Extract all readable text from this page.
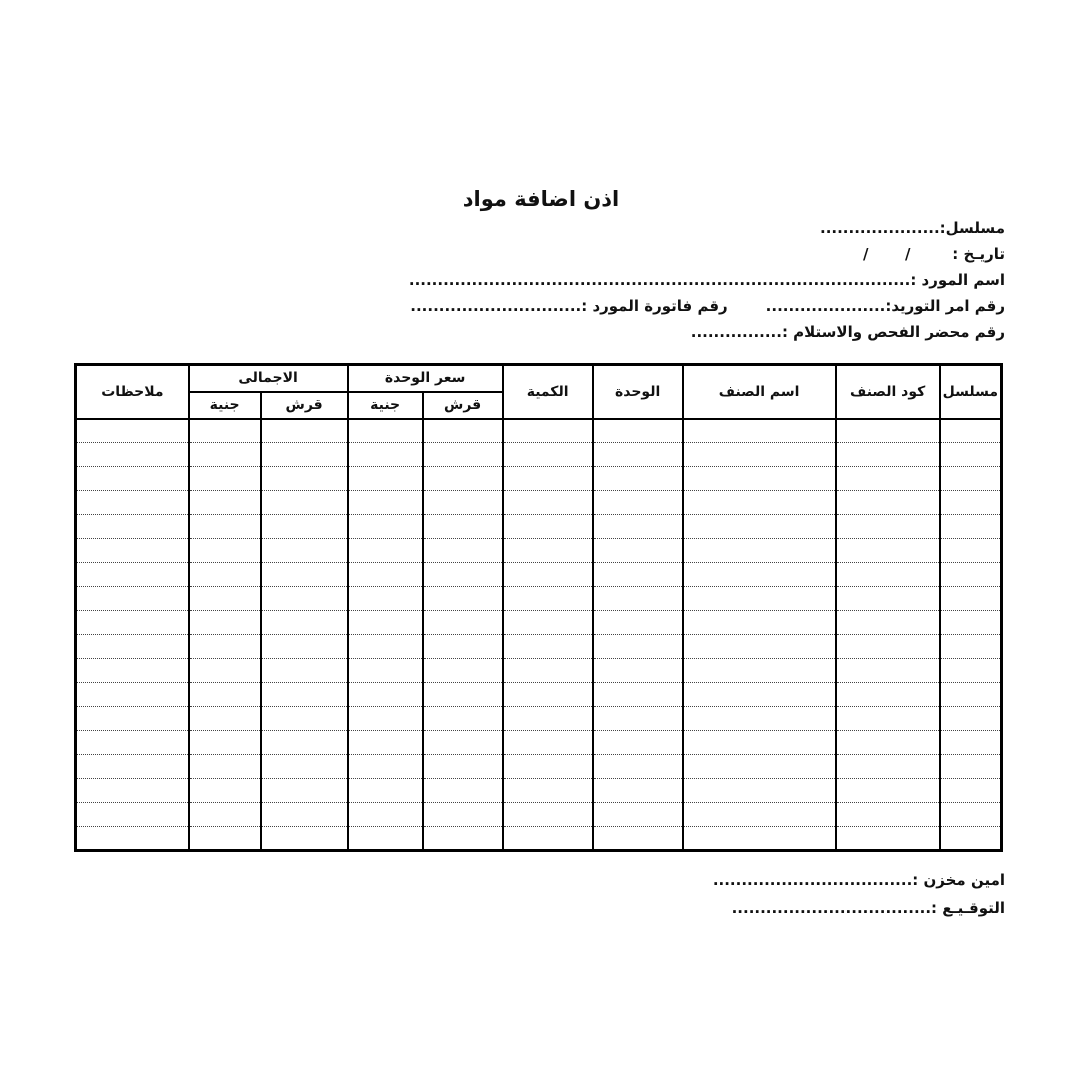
اذن اضافة مواد
مسلسل:.....................
تاريـخ :        /       /
اسم المورد :........................................................................................
رقم امر التوريد:.....................رقم فاتورة المورد :..............................
رقم محضر الفحص والاستلام :................
مسلسل	كود الصنف	اسم الصنف	الوحدة	الكمية	سعر الوحدة		الاجمالى		ملاحظات
					قرش	جنية	قرش	جنية	

امين مخزن :...................................
التوقـيـع :...................................
